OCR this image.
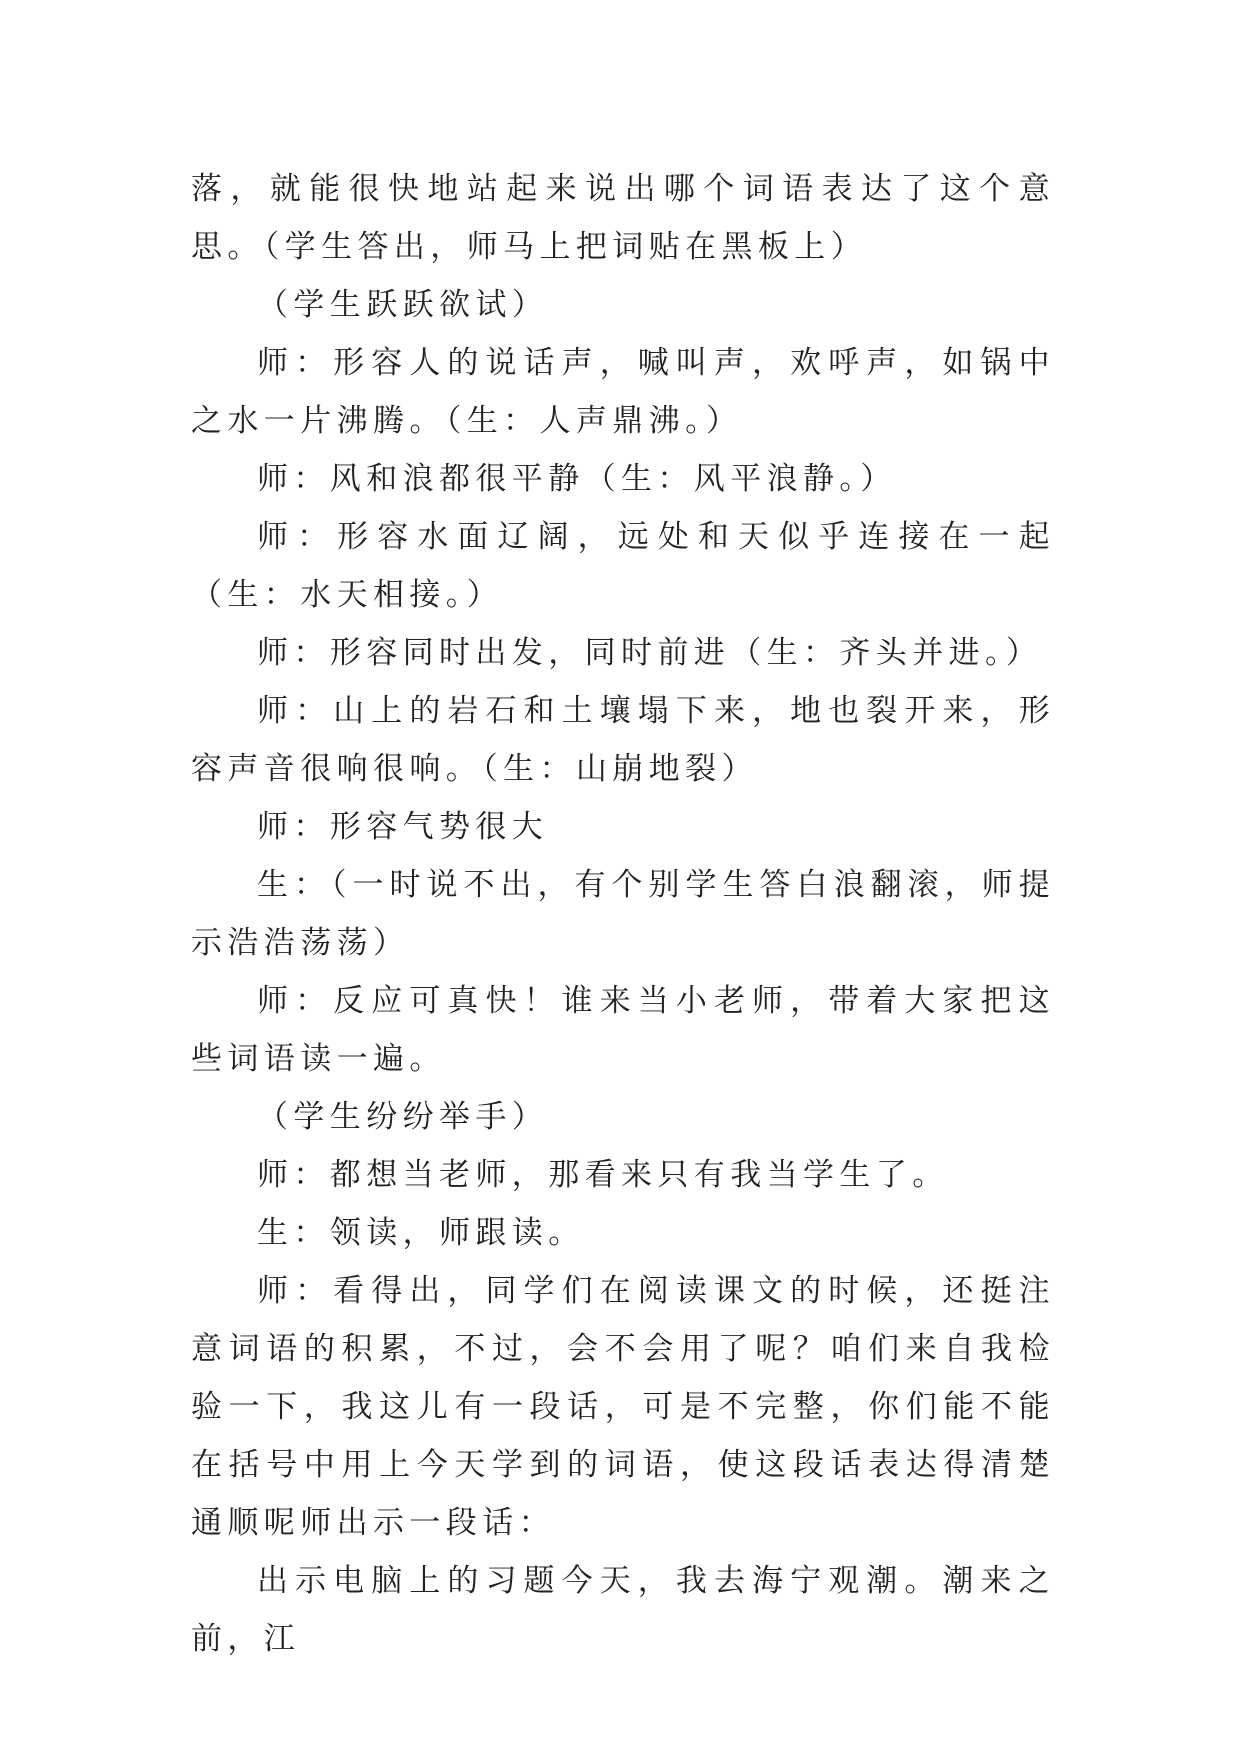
落，就能很快地站起来说出哪个词语表达了这个意思。（学生答出，师马上把词贴在黑板上）

（学生跃跃欲试）

师：形容人的说话声，喊叫声，欢呼声，如锅中之水一片沸腾。（生：人声鼎沸。）

师：风和浪都很平静（生：风平浪静。）

师：形容水面辽阔，远处和天似乎连接在一起（生：水天相接。）

师：形容同时出发，同时前进（生：齐头并进。）

师：山上的岩石和土壤塌下来，地也裂开来，形容声音很响很响。（生：山崩地裂）

师：形容气势很大

生：（一时说不出，有个别学生答白浪翻滚，师提示浩浩荡荡）

师：反应可真快！谁来当小老师，带着大家把这些词语读一遍。

（学生纷纷举手）

师：都想当老师，那看来只有我当学生了。

生：领读，师跟读。

师：看得出，同学们在阅读课文的时候，还挺注意词语的积累，不过，会不会用了呢？咱们来自我检验一下，我这儿有一段话，可是不完整，你们能不能在括号中用上今天学到的词语，使这段话表达得清楚通顺呢师出示一段话：

出示电脑上的习题今天，我去海宁观潮。潮来之前，江
